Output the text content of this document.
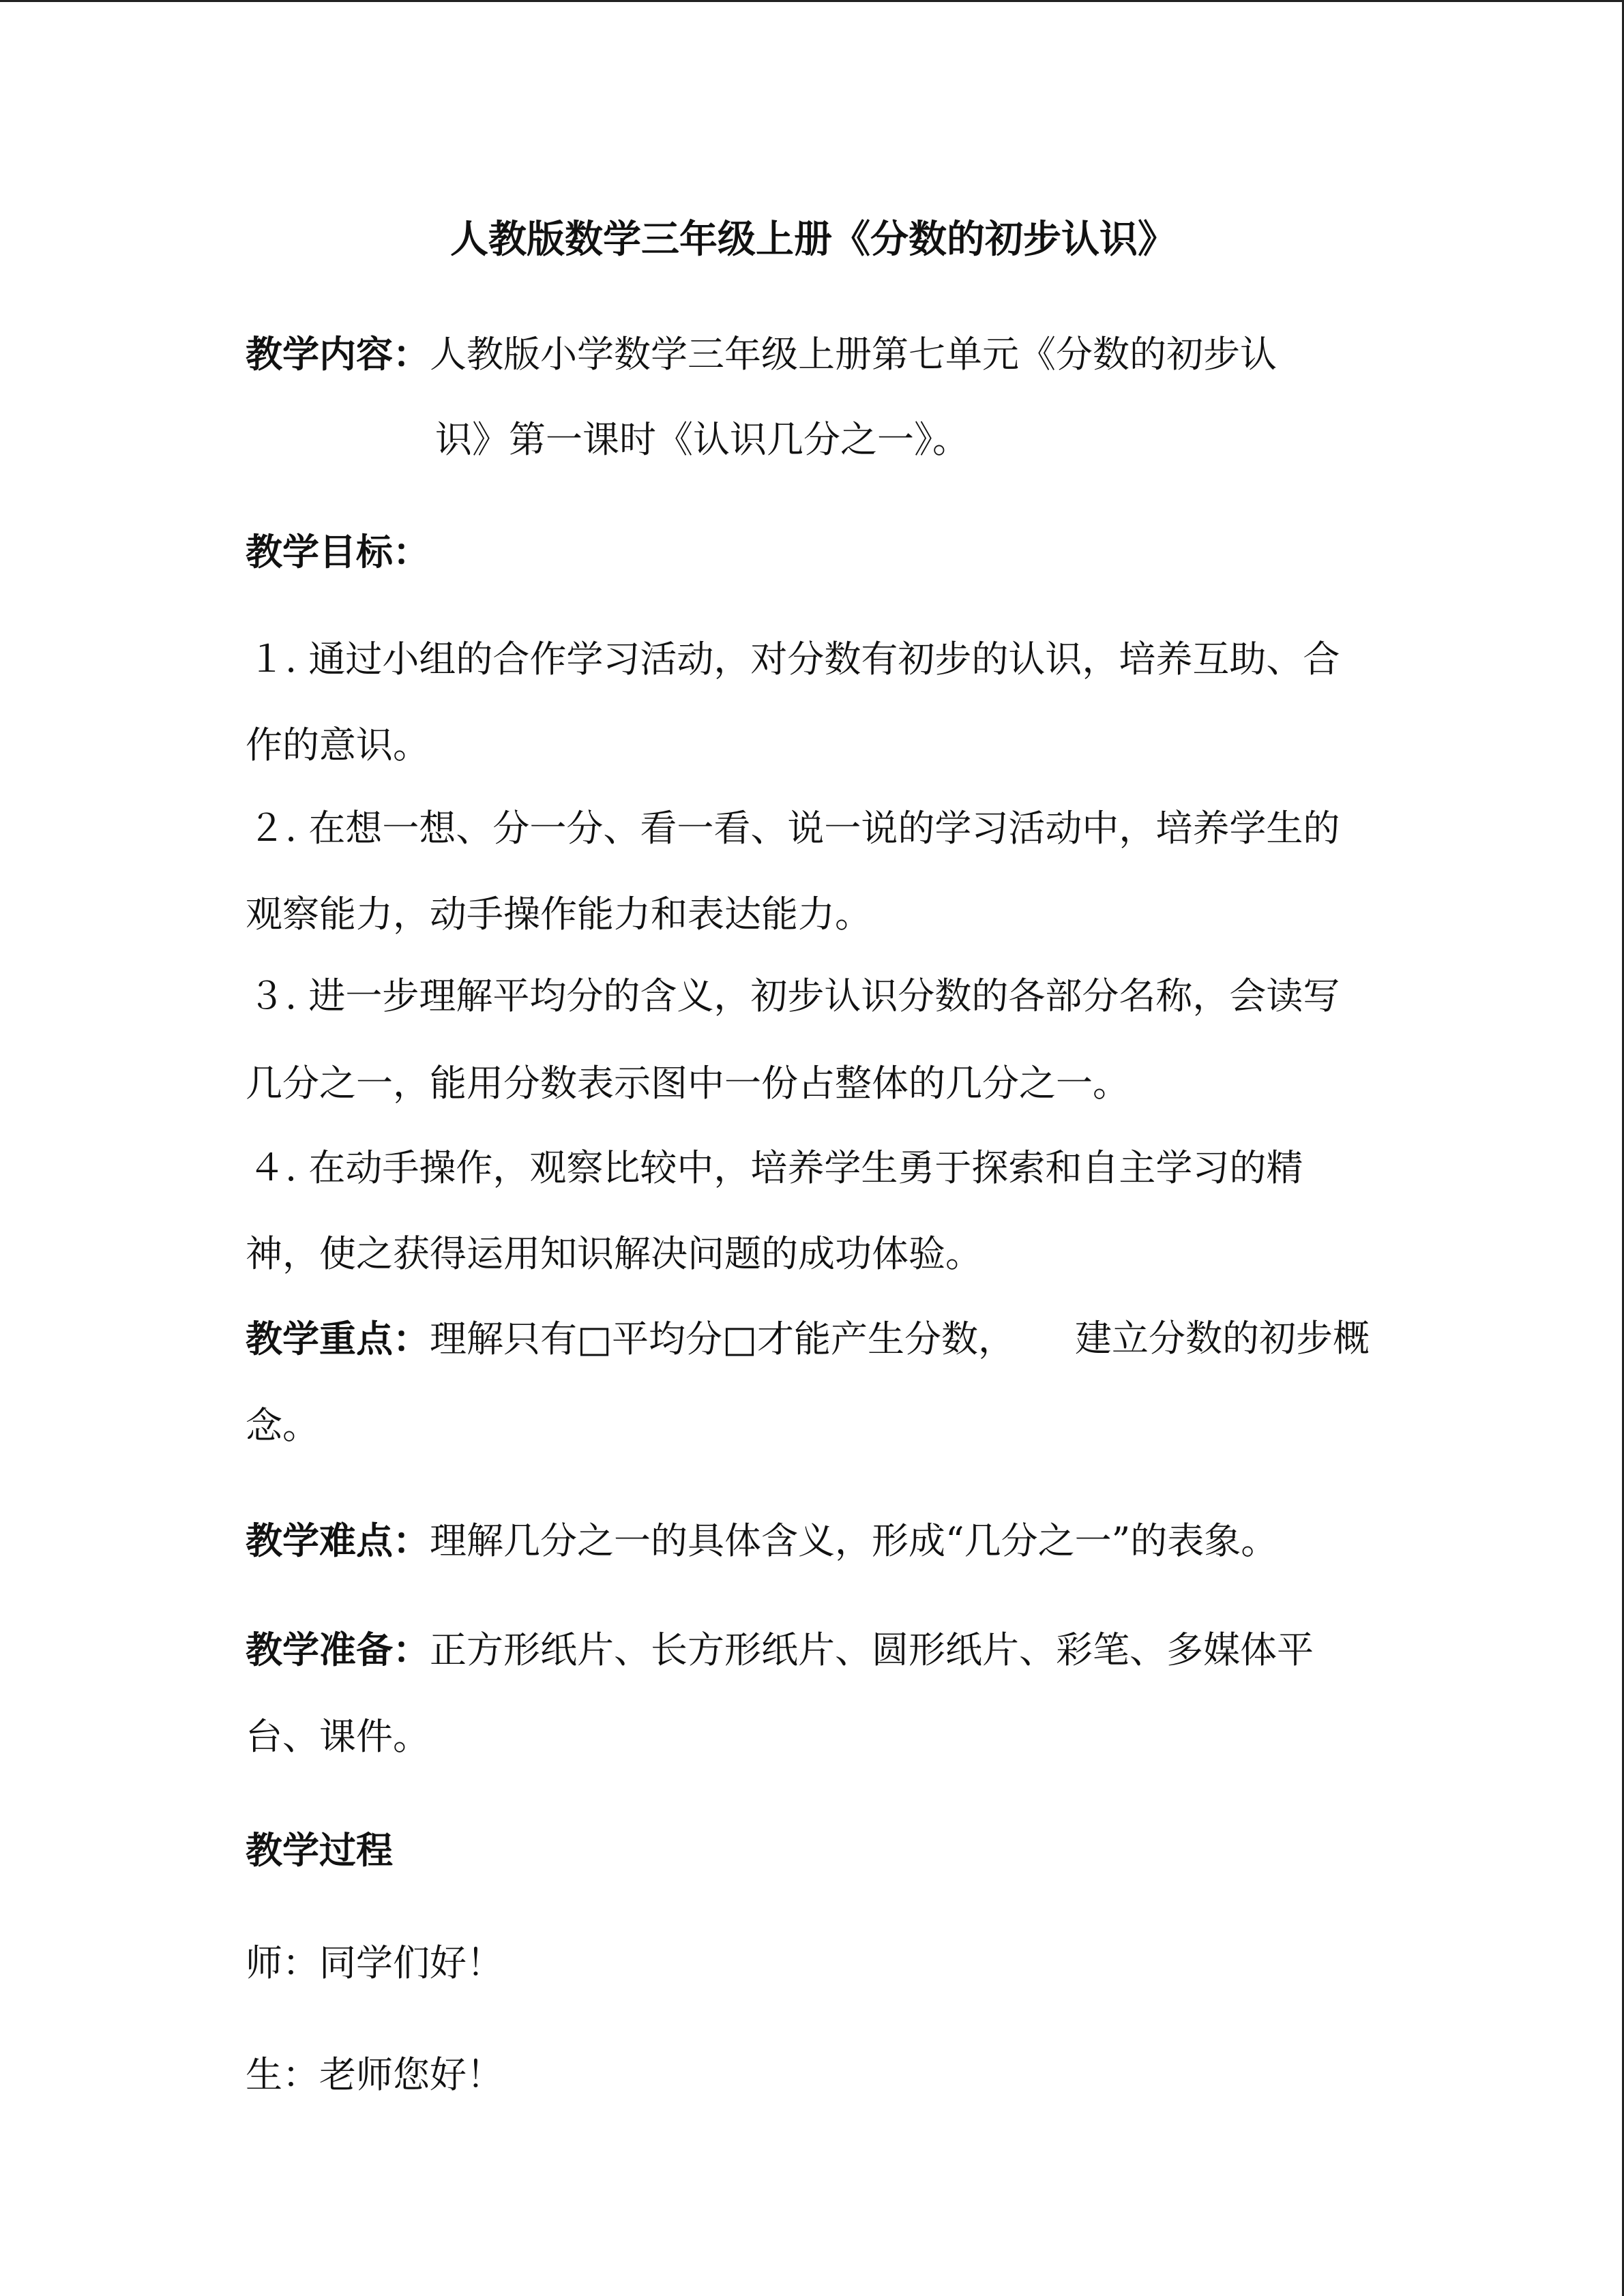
人教版数学三年级上册《分数的初步认识》
教学内容：人教版小学数学三年级上册第七单元《分数的初步认
识》第一课时《认识几分之一》。
教学目标：
１. 通过小组的合作学习活动，对分数有初步的认识，培养互助、合
作的意识。
２. 在想一想、分一分、看一看、说一说的学习活动中，培养学生的
观察能力，动手操作能力和表达能力。
３. 进一步理解平均分的含义，初步认识分数的各部分名称，会读写
几分之一，能用分数表示图中一份占整体的几分之一。
４. 在动手操作，观察比较中，培养学生勇于探索和自主学习的精
神，使之获得运用知识解决问题的成功体验。
教学重点：理解只有□平均分□才能产生分数， 建立分数的初步概
念。
教学难点：理解几分之一的具体含义，形成“几分之一”的表象。
教学准备：正方形纸片、长方形纸片、圆形纸片、彩笔、多媒体平
台、课件。
教学过程
师：同学们好！
生：老师您好！
